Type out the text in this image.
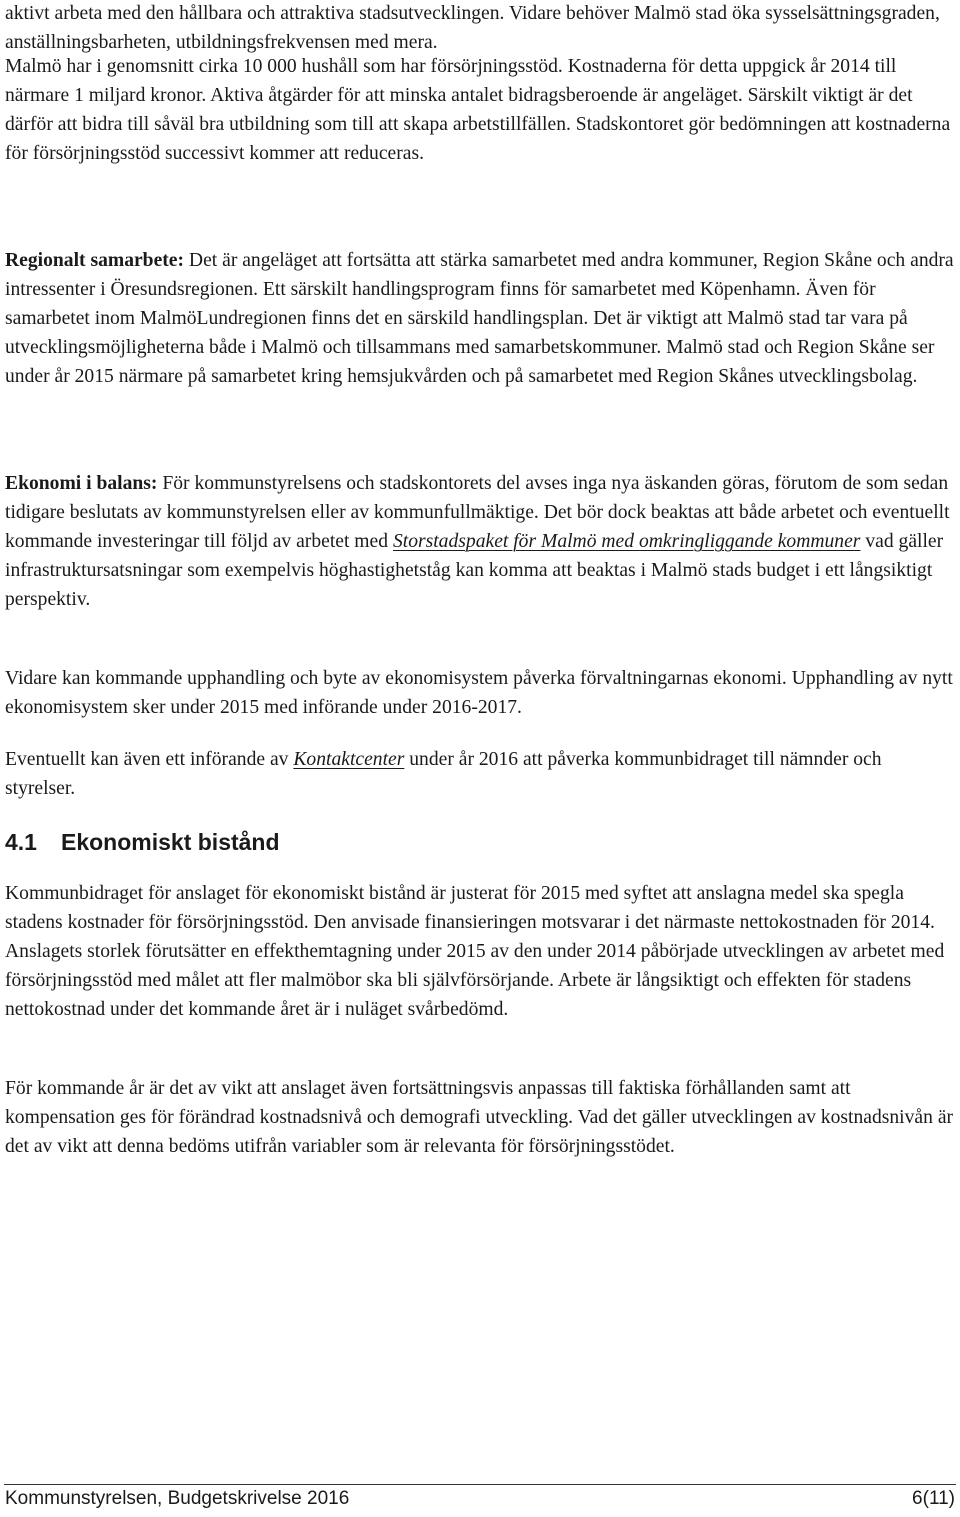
aktivt arbeta med den hållbara och attraktiva stadsutvecklingen. Vidare behöver Malmö stad öka sysselsättningsgraden, anställningsbarheten, utbildningsfrekvensen med mera.

Malmö har i genomsnitt cirka 10 000 hushåll som har försörjningsstöd. Kostnaderna för detta uppgick år 2014 till närmare 1 miljard kronor. Aktiva åtgärder för att minska antalet bidragsberoende är angeläget. Särskilt viktigt är det därför att bidra till såväl bra utbildning som till att skapa arbetstillfällen. Stadskontoret gör bedömningen att kostnaderna för försörjningsstöd successivt kommer att reduceras.

Regionalt samarbete: Det är angeläget att fortsätta att stärka samarbetet med andra kommuner, Region Skåne och andra intressenter i Öresundsregionen. Ett särskilt handlingsprogram finns för samarbetet med Köpenhamn. Även för samarbetet inom MalmöLundregionen finns det en särskild handlingsplan. Det är viktigt att Malmö stad tar vara på utvecklingsmöjligheterna både i Malmö och tillsammans med samarbetskommuner. Malmö stad och Region Skåne ser under år 2015 närmare på samarbetet kring hemsjukvården och på samarbetet med Region Skånes utvecklingsbolag.

Ekonomi i balans: För kommunstyrelsens och stadskontorets del avses inga nya äskanden göras, förutom de som sedan tidigare beslutats av kommunstyrelsen eller av kommunfullmäktige. Det bör dock beaktas att både arbetet och eventuellt kommande investeringar till följd av arbetet med Storstadspaket för Malmö med omkringliggande kommuner vad gäller infrastruktursatsningar som exempelvis höghastighetståg kan komma att beaktas i Malmö stads budget i ett långsiktigt perspektiv.

Vidare kan kommande upphandling och byte av ekonomisystem påverka förvaltningarnas ekonomi. Upphandling av nytt ekonomisystem sker under 2015 med införande under 2016-2017.

Eventuellt kan även ett införande av Kontaktcenter under år 2016 att påverka kommunbidraget till nämnder och styrelser.

4.1 Ekonomiskt bistånd

Kommunbidraget för anslaget för ekonomiskt bistånd är justerat för 2015 med syftet att anslagna medel ska spegla stadens kostnader för försörjningsstöd. Den anvisade finansieringen motsvarar i det närmaste nettokostnaden för 2014. Anslagets storlek förutsätter en effekthemtagning under 2015 av den under 2014 påbörjade utvecklingen av arbetet med försörjningsstöd med målet att fler malmöbor ska bli självförsörjande. Arbete är långsiktigt och effekten för stadens nettokostnad under det kommande året är i nuläget svårbedömd.

För kommande år är det av vikt att anslaget även fortsättningsvis anpassas till faktiska förhållanden samt att kompensation ges för förändrad kostnadsnivå och demografi utveckling. Vad det gäller utvecklingen av kostnadsnivån är det av vikt att denna bedöms utifrån variabler som är relevanta för försörjningsstödet.

Kommunstyrelsen, Budgetskrivelse 2016	6(11)
